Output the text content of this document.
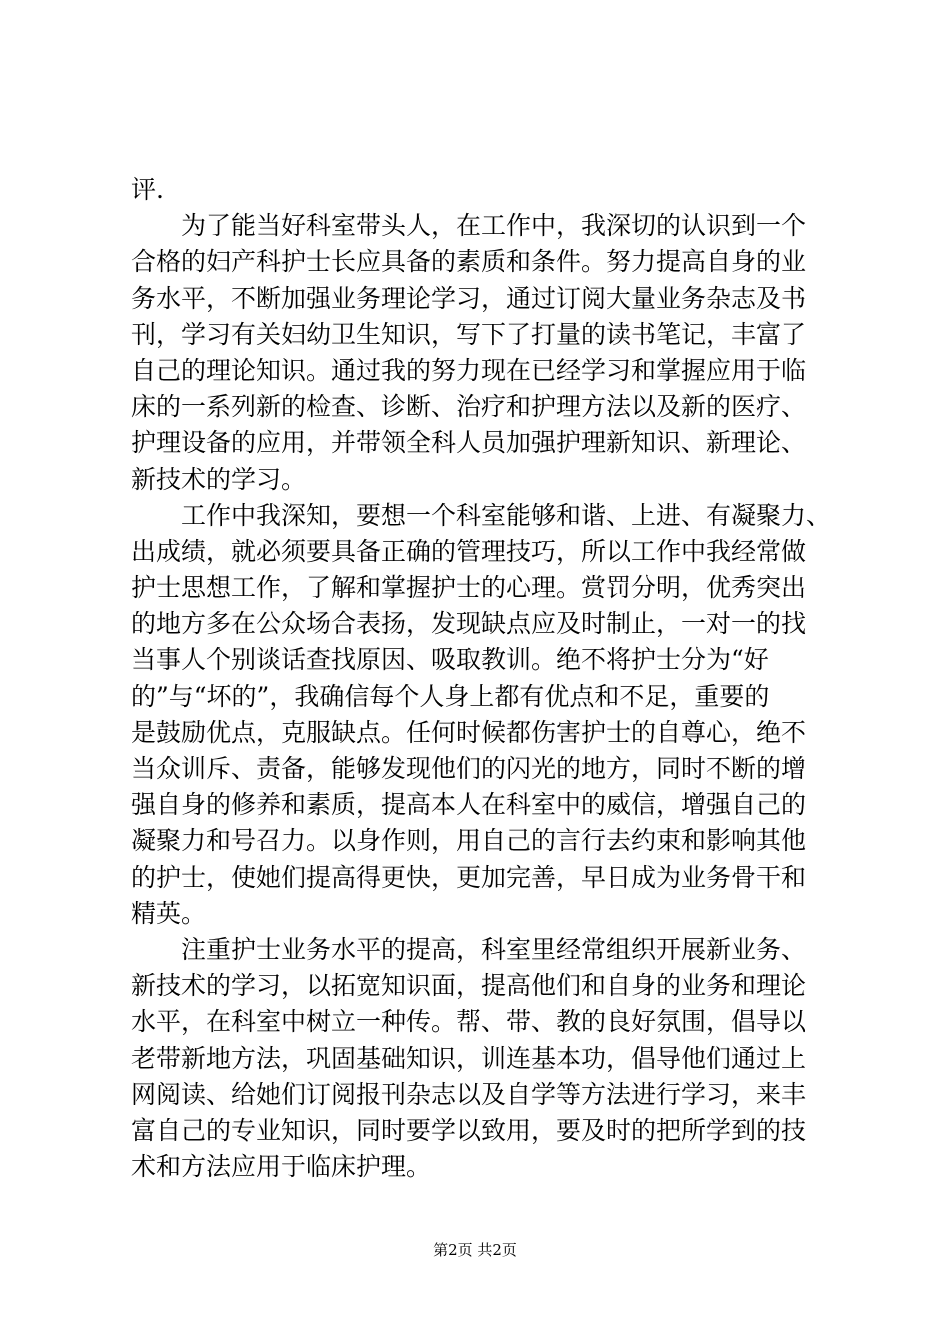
评.
　　为了能当好科室带头人，在工作中，我深切的认识到一个
合格的妇产科护士长应具备的素质和条件。努力提高自身的业
务水平，不断加强业务理论学习，通过订阅大量业务杂志及书
刊，学习有关妇幼卫生知识，写下了打量的读书笔记，丰富了
自己的理论知识。通过我的努力现在已经学习和掌握应用于临
床的一系列新的检查、诊断、治疗和护理方法以及新的医疗、
护理设备的应用，并带领全科人员加强护理新知识、新理论、
新技术的学习。
　　工作中我深知，要想一个科室能够和谐、上进、有凝聚力、
出成绩，就必须要具备正确的管理技巧，所以工作中我经常做
护士思想工作，了解和掌握护士的心理。赏罚分明，优秀突出
的地方多在公众场合表扬，发现缺点应及时制止，一对一的找
当事人个别谈话查找原因、吸取教训。绝不将护士分为“好
的”与“坏的”，我确信每个人身上都有优点和不足，重要的
是鼓励优点，克服缺点。任何时候都伤害护士的自尊心，绝不
当众训斥、责备，能够发现他们的闪光的地方，同时不断的增
强自身的修养和素质，提高本人在科室中的威信，增强自己的
凝聚力和号召力。以身作则，用自己的言行去约束和影响其他
的护士，使她们提高得更快，更加完善，早日成为业务骨干和
精英。
　　注重护士业务水平的提高，科室里经常组织开展新业务、
新技术的学习，以拓宽知识面，提高他们和自身的业务和理论
水平，在科室中树立一种传。帮、带、教的良好氛围，倡导以
老带新地方法，巩固基础知识，训连基本功，倡导他们通过上
网阅读、给她们订阅报刊杂志以及自学等方法进行学习，来丰
富自己的专业知识，同时要学以致用，要及时的把所学到的技
术和方法应用于临床护理。
第2页 共2页
